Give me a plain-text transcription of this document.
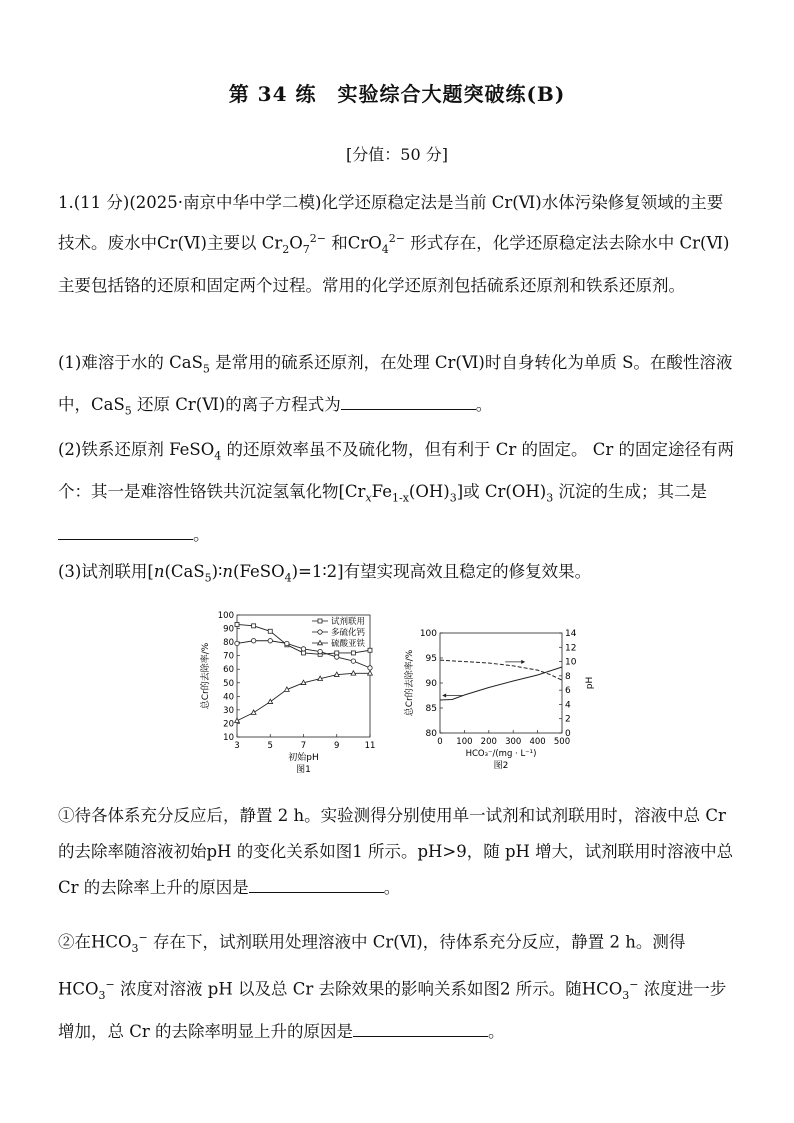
第 34 练　实验综合大题突破练(B)
[分值：50 分]
1.(11 分)(2025·南京中华中学二模)化学还原稳定法是当前 Cr(Ⅵ)水体污染修复领域的主要技术。废水中Cr(Ⅵ)主要以 $Cr_2O_7^{2-}$ 和CrO$_4^{2-}$ 形式存在，化学还原稳定法去除水中 Cr(Ⅵ)主要包括铬的还原和固定两个过程。常用的化学还原剂包括硫系还原剂和铁系还原剂。
(1)难溶于水的 CaS$_5$ 是常用的硫系还原剂，在处理 Cr(Ⅵ)时自身转化为单质 S。在酸性溶液中，CaS$_5$ 还原 Cr(Ⅵ)的离子方程式为	。
(2)铁系还原剂 FeSO$_4$ 的还原效率虽不及硫化物，但有利于 Cr 的固定。 Cr 的固定途径有两个：其一是难溶性铬铁共沉淀氢氧化物$[Cr_xFe_{1-x}(OH)_3]$或 $Cr(OH)_3$ 沉淀的生成；其二是。
(3)试剂联用[n(CaS$_5$)∶n(FeSO$_4$)=1∶2]有望实现高效且稳定的修复效果。
10
20
30
40
50
60
70
80
90
100
3	5	7	9	11
初始pH
图1
总Cr的去除率/%
试剂联用
多硫化钙
硫酸亚铁
80
85
90
95
100
0
2
4
6
8
10
12
14
0 100 200 300 400 500
HCO₃⁻/(mg · L⁻¹)
图2
总Cr的去除率/%	pH
①待各体系充分反应后，静置 2 h。实验测得分别使用单一试剂和试剂联用时，溶液中总 Cr 的去除率随溶液初始pH 的变化关系如图1 所示。pH>9，随 pH 增大，试剂联用时溶液中总 Cr 的去除率上升的原因是	。
②在$HCO_3^-$ 存在下，试剂联用处理溶液中 Cr(Ⅵ)，待体系充分反应，静置 2 h。测得 $HCO_3^-$ 浓度对溶液 pH 以及总 Cr 去除效果的影响关系如图2 所示。随$HCO_3^-$ 浓度进一步增加，总 Cr 的去除率明显上升的原因是	。
